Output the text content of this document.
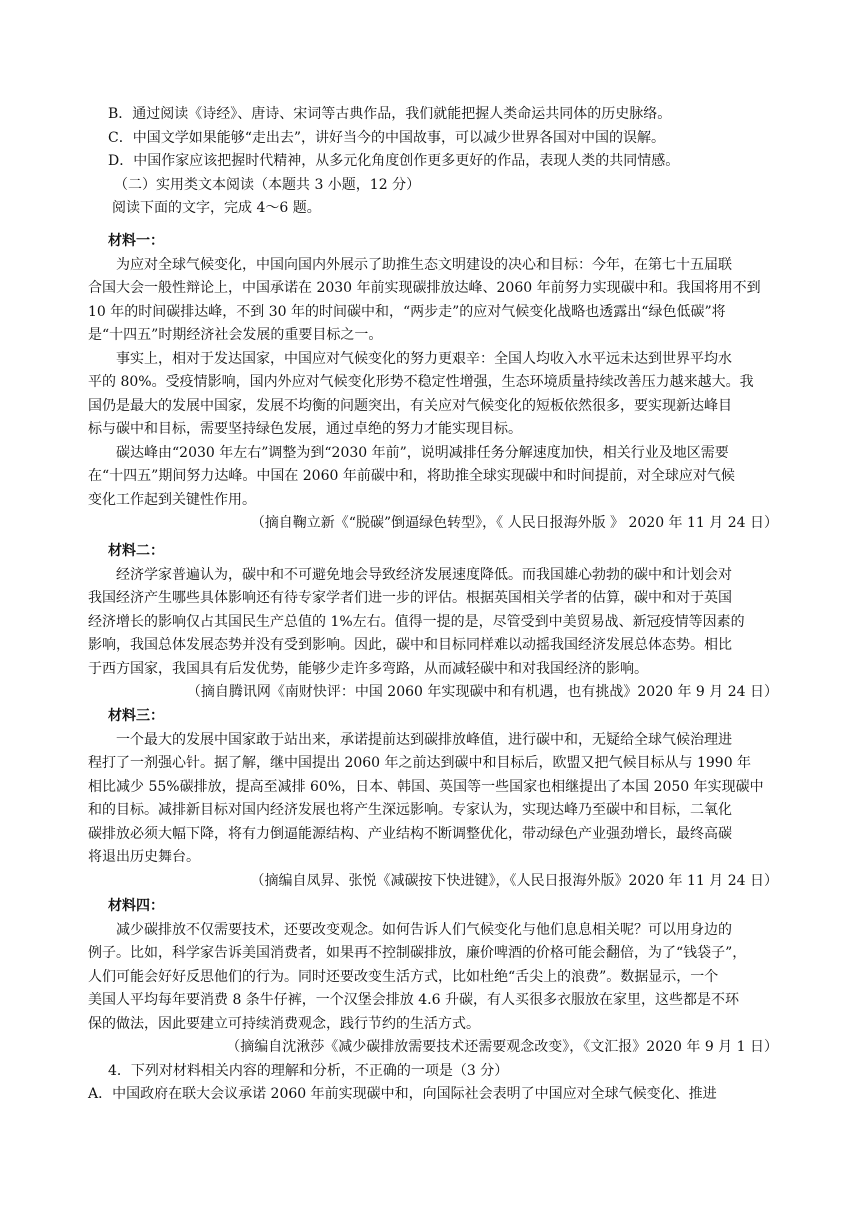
B．通过阅读《诗经》、唐诗、宋词等古典作品，我们就能把握人类命运共同体的历史脉络。
C．中国文学如果能够“走出去”，讲好当今的中国故事，可以减少世界各国对中国的误解。
D．中国作家应该把握时代精神，从多元化角度创作更多更好的作品，表现人类的共同情感。
（二）实用类文本阅读（本题共 3 小题，12 分）
阅读下面的文字，完成 4～6 题。
材料一：
为应对全球气候变化，中国向国内外展示了助推生态文明建设的决心和目标：今年，在第七十五届联
合国大会一般性辩论上，中国承诺在 2030 年前实现碳排放达峰、2060 年前努力实现碳中和。我国将用不到
10 年的时间碳排达峰，不到 30 年的时间碳中和，“两步走”的应对气候变化战略也透露出“绿色低碳”将
是“十四五”时期经济社会发展的重要目标之一。
事实上，相对于发达国家，中国应对气候变化的努力更艰辛：全国人均收入水平远未达到世界平均水
平的 80%。受疫情影响，国内外应对气候变化形势不稳定性增强，生态环境质量持续改善压力越来越大。我
国仍是最大的发展中国家，发展不均衡的问题突出，有关应对气候变化的短板依然很多，要实现新达峰目
标与碳中和目标，需要坚持绿色发展，通过卓绝的努力才能实现目标。
碳达峰由“2030 年左右”调整为到“2030 年前”，说明减排任务分解速度加快，相关行业及地区需要
在“十四五”期间努力达峰。中国在 2060 年前碳中和，将助推全球实现碳中和时间提前，对全球应对气候
变化工作起到关键性作用。
（摘自鞠立新《“脱碳”倒逼绿色转型》，《 人民日报海外版 》 2020 年 11 月 24 日）
材料二：
经济学家普遍认为，碳中和不可避免地会导致经济发展速度降低。而我国雄心勃勃的碳中和计划会对
我国经济产生哪些具体影响还有待专家学者们进一步的评估。根据英国相关学者的估算，碳中和对于英国
经济增长的影响仅占其国民生产总值的 1%左右。值得一提的是，尽管受到中美贸易战、新冠疫情等因素的
影响，我国总体发展态势并没有受到影响。因此，碳中和目标同样难以动摇我国经济发展总体态势。相比
于西方国家，我国具有后发优势，能够少走许多弯路，从而减轻碳中和对我国经济的影响。
（摘自腾讯网《南财快评：中国 2060 年实现碳中和有机遇，也有挑战》2020 年 9 月 24 日）
材料三：
一个最大的发展中国家敢于站出来，承诺提前达到碳排放峰值，进行碳中和，无疑给全球气候治理进
程打了一剂强心针。据了解，继中国提出 2060 年之前达到碳中和目标后，欧盟又把气候目标从与 1990 年
相比减少 55%碳排放，提高至减排 60%，日本、韩国、英国等一些国家也相继提出了本国 2050 年实现碳中
和的目标。减排新目标对国内经济发展也将产生深远影响。专家认为，实现达峰乃至碳中和目标，二氧化
碳排放必须大幅下降，将有力倒逼能源结构、产业结构不断调整优化，带动绿色产业强劲增长，最终高碳
将退出历史舞台。
（摘编自凤昇、张悦《减碳按下快进键》，《人民日报海外版》2020 年 11 月 24 日）
材料四：
减少碳排放不仅需要技术，还要改变观念。如何告诉人们气候变化与他们息息相关呢？可以用身边的
例子。比如，科学家告诉美国消费者，如果再不控制碳排放，廉价啤酒的价格可能会翻倍，为了“钱袋子”，
人们可能会好好反思他们的行为。同时还要改变生活方式，比如杜绝“舌尖上的浪费”。数据显示，一个
美国人平均每年要消费 8 条牛仔裤，一个汉堡会排放 4.6 升碳，有人买很多衣服放在家里，这些都是不环
保的做法，因此要建立可持续消费观念，践行节约的生活方式。
（摘编自沈湫莎《减少碳排放需要技术还需要观念改变》，《文汇报》2020 年 9 月 1 日）
4．下列对材料相关内容的理解和分析，不正确的一项是（3 分）
A．中国政府在联大会议承诺 2060 年前实现碳中和，向国际社会表明了中国应对全球气候变化、推进
